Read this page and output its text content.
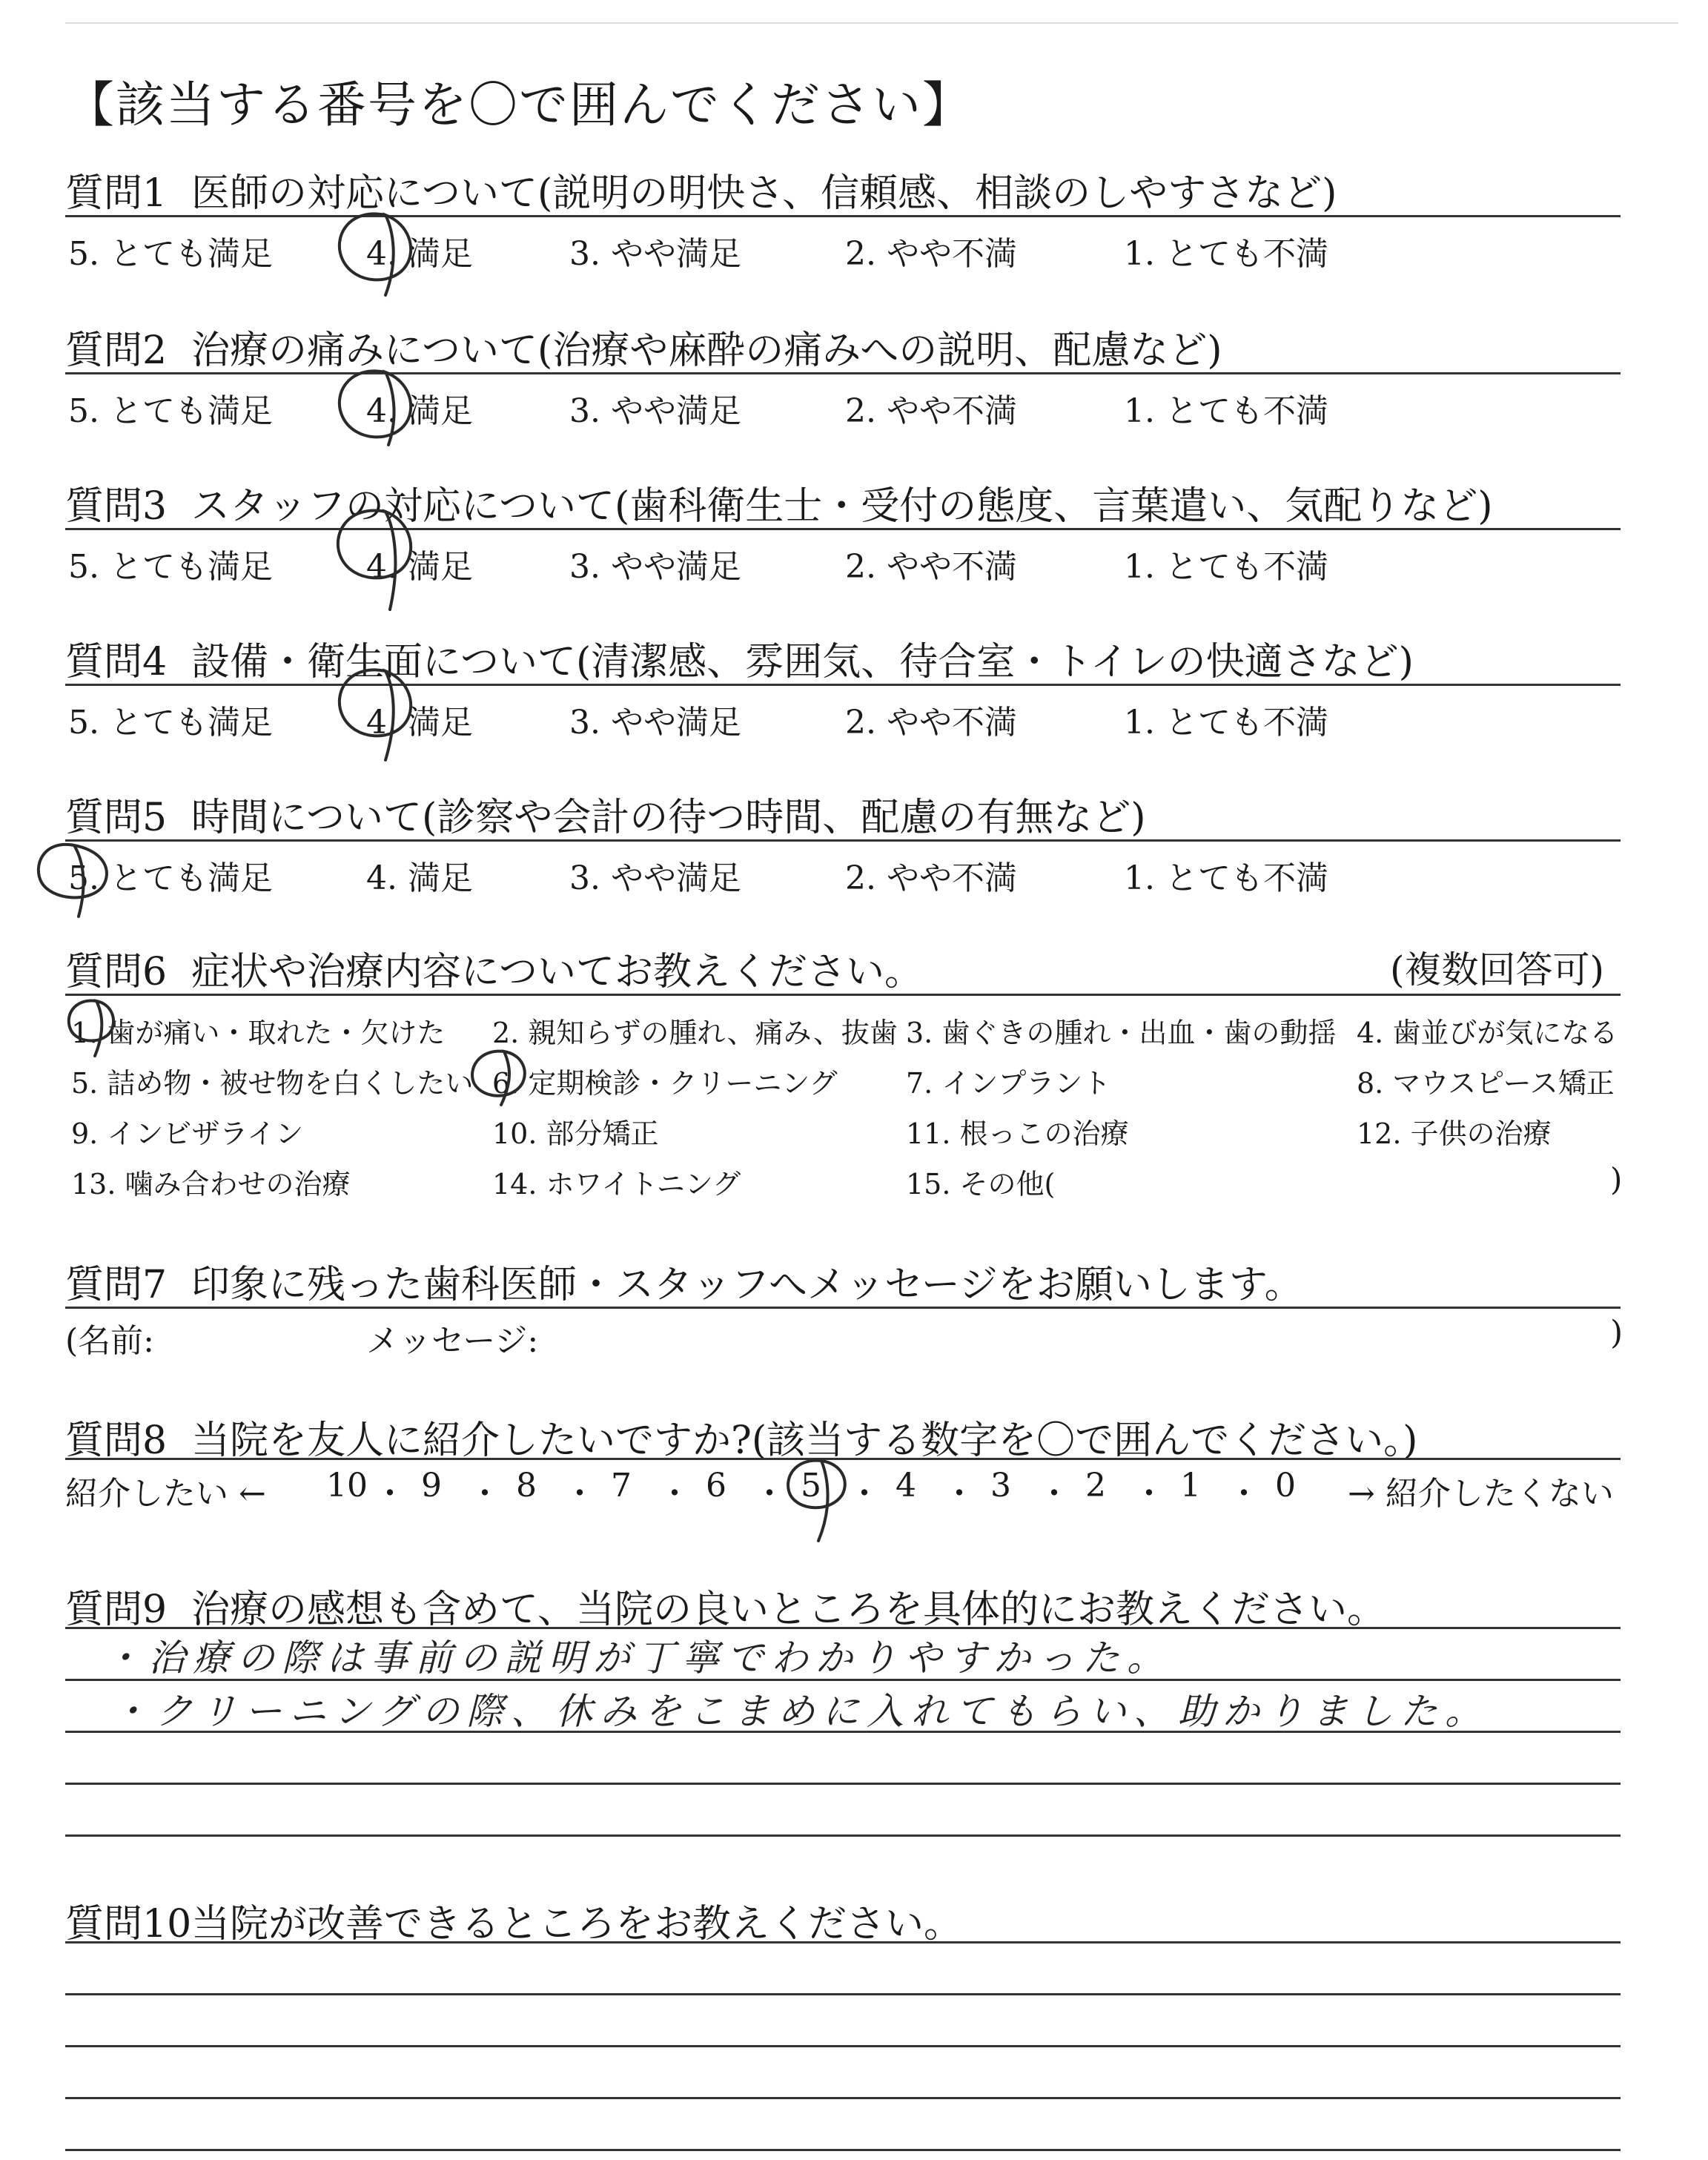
【該当する番号を〇で囲んでください】
質問1 医師の対応について(説明の明快さ、信頼感、相談のしやすさなど)
5. とても満足	4. 満足	3. やや満足	2. やや不満	1. とても不満
質問2 治療の痛みについて(治療や麻酔の痛みへの説明、配慮など)
5. とても満足	4. 満足	3. やや満足	2. やや不満	1. とても不満
質問3 スタッフの対応について(歯科衛生士・受付の態度、言葉遣い、気配りなど)
5. とても満足	4. 満足	3. やや満足	2. やや不満	1. とても不満
質問4 設備・衛生面について(清潔感、雰囲気、待合室・トイレの快適さなど)
5. とても満足	4. 満足	3. やや満足	2. やや不満	1. とても不満
質問5 時間について(診察や会計の待つ時間、配慮の有無など)
5. とても満足	4. 満足	3. やや満足	2. やや不満	1. とても不満
質問6 症状や治療内容についてお教えください。	(複数回答可)
1. 歯が痛い・取れた・欠けた 2. 親知らずの腫れ、痛み、抜歯 3. 歯ぐきの腫れ・出血・歯の動揺 4. 歯並びが気になる
5. 詰め物・被せ物を白くしたい 6. 定期検診・クリーニング 7. インプラント	8. マウスピース矯正
9. インビザライン	10. 部分矯正	11. 根っこの治療	12. 子供の治療
13. 噛み合わせの治療	14. ホワイトニング	15. その他(	)
質問7 印象に残った歯科医師・スタッフへメッセージをお願いします。
(名前:	メッセージ:	)
質問8 当院を友人に紹介したいですか?(該当する数字を〇で囲んでください。)
紹介したい ←	→ 紹介したくない
10 ・ 9 ・ 8 ・ 7 ・ 6 ・ 5 ・ 4 ・ 3 ・ 2 ・ 1 ・ 0
質問9 治療の感想も含めて、当院の良いところを具体的にお教えください。
・治療の際は事前の説明が丁寧でわかりやすかった。
・クリーニングの際、休みをこまめに入れてもらい、助かりました。
質問10当院が改善できるところをお教えください。
